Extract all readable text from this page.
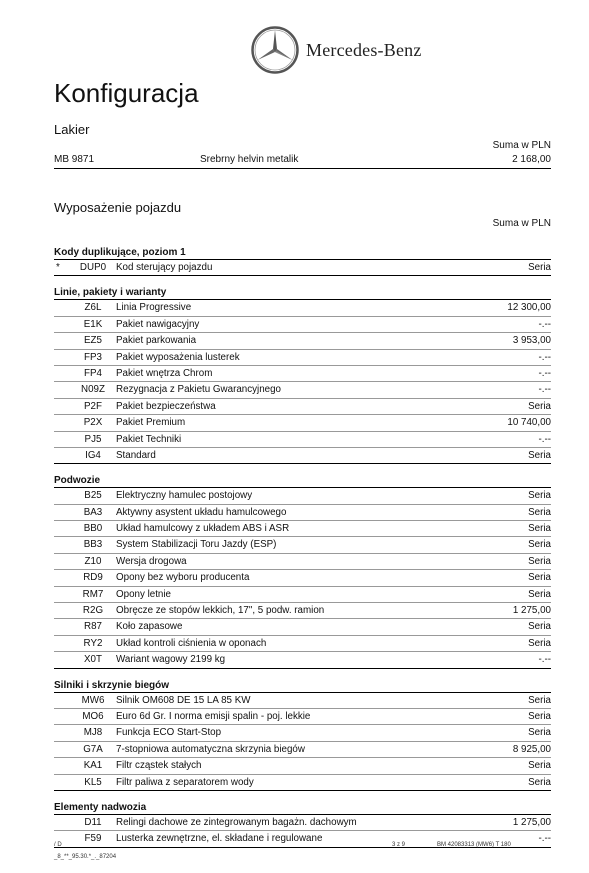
Mercedes-Benz
Konfiguracja
Lakier
Suma w PLN
MB 9871	Srebrny helvin metalik	2 168,00
Wyposażenie pojazdu
Suma w PLN
Kody duplikujące, poziom 1
*	DUP0	Kod sterujący pojazdu	Seria
Linie, pakiety i warianty
Z6L	Linia Progressive	12 300,00
E1K	Pakiet nawigacyjny	-.--
EZ5	Pakiet parkowania	3 953,00
FP3	Pakiet wyposażenia lusterek	-.--
FP4	Pakiet wnętrza Chrom	-.--
N09Z	Rezygnacja z Pakietu Gwarancyjnego	-.--
P2F	Pakiet bezpieczeństwa	Seria
P2X	Pakiet Premium	10 740,00
PJ5	Pakiet Techniki	-.--
IG4	Standard	Seria
Podwozie
B25	Elektryczny hamulec postojowy	Seria
BA3	Aktywny asystent układu hamulcowego	Seria
BB0	Układ hamulcowy z układem ABS i ASR	Seria
BB3	System Stabilizacji Toru Jazdy (ESP)	Seria
Z10	Wersja drogowa	Seria
RD9	Opony bez wyboru producenta	Seria
RM7	Opony letnie	Seria
R2G	Obręcze ze stopów lekkich, 17", 5 podw. ramion	1 275,00
R87	Koło zapasowe	Seria
RY2	Układ kontroli ciśnienia w oponach	Seria
X0T	Wariant wagowy 2199 kg	-.--
Silniki i skrzynie biegów
MW6	Silnik OM608 DE 15 LA 85 KW	Seria
MO6	Euro 6d Gr. I norma emisji spalin - poj. lekkie	Seria
MJ8	Funkcja ECO Start-Stop	Seria
G7A	7-stopniowa automatyczna skrzynia biegów	8 925,00
KA1	Filtr cząstek stałych	Seria
KL5	Filtr paliwa z separatorem wody	Seria
Elementy nadwozia
D11	Relingi dachowe ze zintegrowanym bagażn. dachowym	1 275,00
F59	Lusterka zewnętrzne, el. składane i regulowane	-.--
/ D
_8_**_95.30.*_._87204
3 z 9	BM 42083313 (MW6) T 180
